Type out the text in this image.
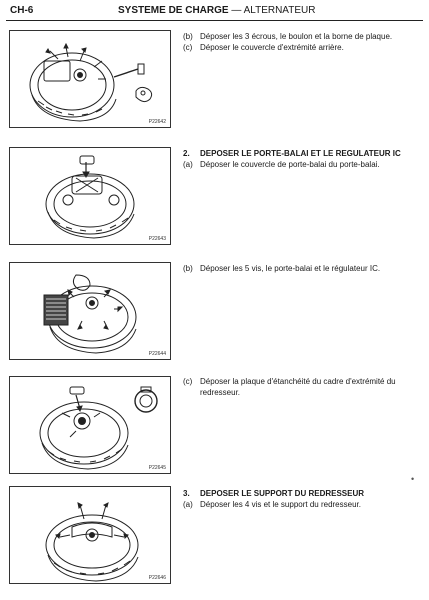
CH-6	SYSTEME DE CHARGE — ALTERNATEUR
P22642
P22643
P22644
P22645
P22646
(b) Déposer les 3 écrous, le boulon et la borne de plaque.
(c) Déposer le couvercle d'extrémité arrière.
2.	DEPOSER LE PORTE-BALAI ET LE REGULATEUR IC
(a) Déposer le couvercle de porte-balai du porte-balai.
(b) Déposer les 5 vis, le porte-balai et le régulateur IC.
(c) Déposer la plaque d'étanchéité du cadre d'extrémité du redresseur.
3.	DEPOSER LE SUPPORT DU REDRESSEUR
(a) Déposer les 4 vis et le support du redresseur.
•
